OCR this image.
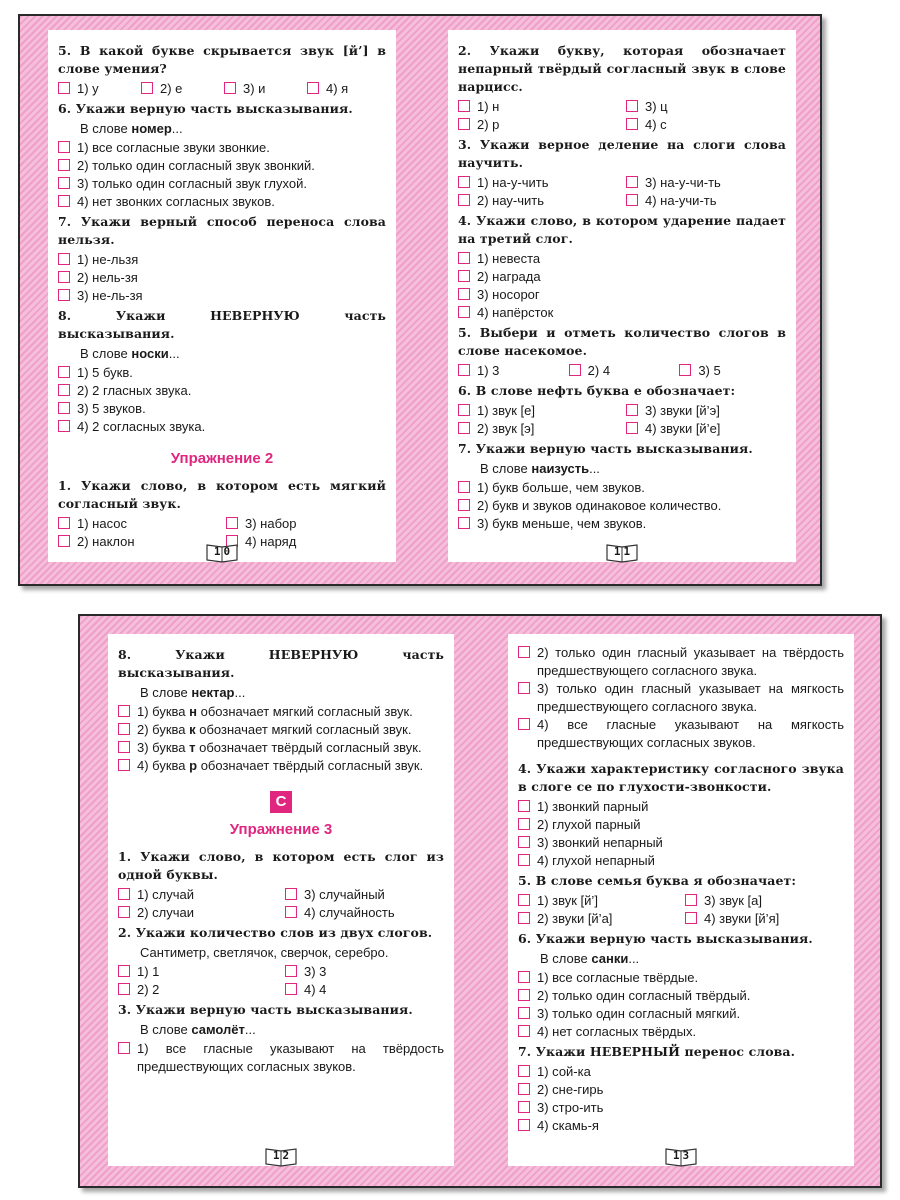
5. В какой букве скрывается звук [й’] в слове умения?
1) у	2) е	3) и	4) я
6. Укажи верную часть высказывания.
В слове номер...
1) все согласные звуки звонкие.
2) только один согласный звук звонкий.
3) только один согласный звук глухой.
4) нет звонких согласных звуков.
7. Укажи верный способ переноса слова нельзя.
1) не-льзя
2) нель-зя
3) не-ль-зя
8. Укажи НЕВЕРНУЮ часть высказывания.
В слове носки...
1) 5 букв.
2) 2 гласных звука.
3) 5 звуков.
4) 2 согласных звука.
Упражнение 2
1. Укажи слово, в котором есть мягкий согласный звук.
1) насос	3) набор
2) наклон	4) наряд
10
2. Укажи букву, которая обозначает непарный твёрдый согласный звук в слове нарцисс.
1) н	3) ц
2) р	4) с
3. Укажи верное деление на слоги слова научить.
1) на-у-чить	3) на-у-чи-ть
2) нау-чить	4) на-учи-ть
4. Укажи слово, в котором ударение падает на третий слог.
1) невеста
2) награда
3) носорог
4) напёрсток
5. Выбери и отметь количество слогов в слове насекомое.
1) 3	2) 4	3) 5
6. В слове нефть буква е обозначает:
1) звук [е]	3) звуки [й’э]
2) звук [э]	4) звуки [й’е]
7. Укажи верную часть высказывания.
В слове наизусть...
1) букв больше, чем звуков.
2) букв и звуков одинаковое количество.
3) букв меньше, чем звуков.
11
8. Укажи НЕВЕРНУЮ часть высказывания.
В слове нектар...
1) буква н обозначает мягкий согласный звук.
2) буква к обозначает мягкий согласный звук.
3) буква т обозначает твёрдый согласный звук.
4) буква р обозначает твёрдый согласный звук.
С
Упражнение 3
1. Укажи слово, в котором есть слог из одной буквы.
1) случай	3) случайный
2) случаи	4) случайность
2. Укажи количество слов из двух слогов.
Сантиметр, светлячок, сверчок, серебро.
1) 1	3) 3
2) 2	4) 4
3. Укажи верную часть высказывания.
В слове самолёт...
1) все гласные указывают на твёрдость предшествующих согласных звуков.
12
2) только один гласный указывает на твёрдость предшествующего согласного звука.
3) только один гласный указывает на мягкость предшествующего согласного звука.
4) все гласные указывают на мягкость предшествующих согласных звуков.
4. Укажи характеристику согласного звука в слоге се по глухости-звонкости.
1) звонкий парный
2) глухой парный
3) звонкий непарный
4) глухой непарный
5. В слове семья буква я обозначает:
1) звук [й’]	3) звук [а]
2) звуки [й’а]	4) звуки [й’я]
6. Укажи верную часть высказывания.
В слове санки...
1) все согласные твёрдые.
2) только один согласный твёрдый.
3) только один согласный мягкий.
4) нет согласных твёрдых.
7. Укажи НЕВЕРНЫЙ перенос слова.
1) сой-ка
2) сне-гирь
3) стро-ить
4) скамь-я
13
